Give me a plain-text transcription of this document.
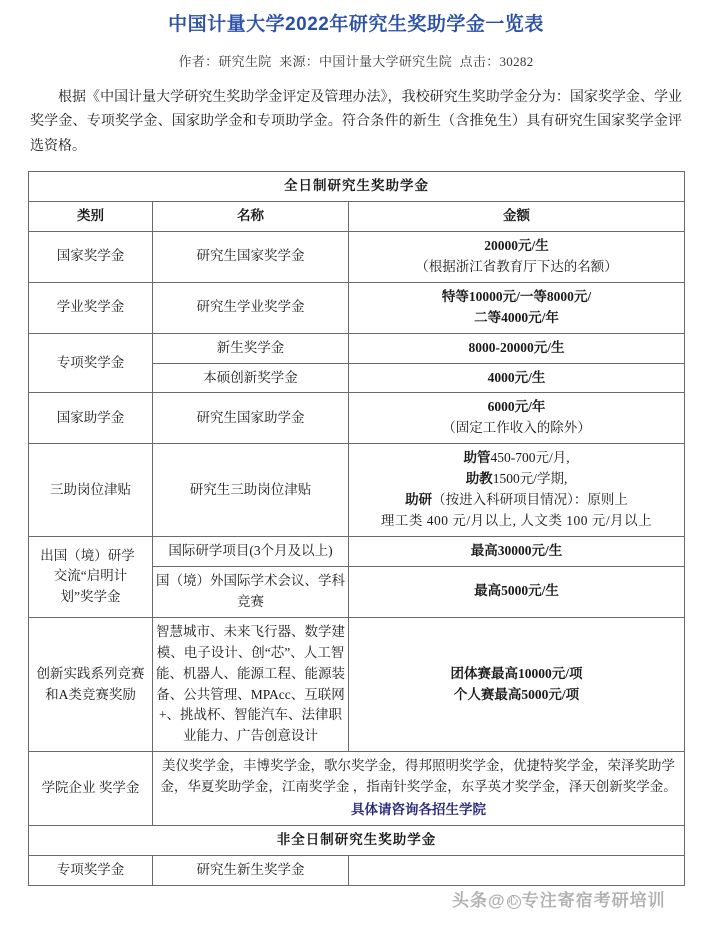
中国计量大学2022年研究生奖助学金一览表
作者：研究生院 来源：中国计量大学研究生院 点击：30282

根据《中国计量大学研究生奖助学金评定及管理办法》，我校研究生奖助学金分为：国家奖学金、学业奖学金、专项奖学金、国家助学金和专项助学金。符合条件的新生（含推免生）具有研究生国家奖学金评选资格。

全日制研究生奖助学金		
类别	名称	金额
国家奖学金	研究生国家奖学金	20000元/生
（根据浙江省教育厅下达的名额）

学业奖学金	研究生学业奖学金	特等10000元/一等8000元/
二等4000元/年

专项奖学金	新生奖学金	8000-20000元/生
	本硕创新奖学金	4000元/生
国家助学金	研究生国家助学金	6000元/年
（固定工作收入的除外）

三助岗位津贴	研究生三助岗位津贴	助管450-700元/月,
助教1500元/学期,
助研（按进入科研项目情况）：原则上
理工类 400 元/月以上, 人文类 100 元/月以上

出国（境）研学
交流“启明计
划”奖学金	国际研学项目(3个月及以上)	最高30000元/生
	国（境）外国际学术会议、学科竞赛	最高5000元/生
创新实践系列竞赛 和A类竞赛奖励	智慧城市、未来飞行器、数学建模、电子设计、创“芯”、人工智能、机器人、能源工程、能源装备、公共管理、MPAcc、互联网+、挑战杯、智能汽车、法律职业能力、广告创意设计	团体赛最高10000元/项
个人赛最高5000元/项

学院企业 奖学金	美仪奖学金，丰博奖学金，歌尔奖学金，得邦照明奖学金，优捷特奖学金，荣泽奖助学金，华夏奖助学金，江南奖学金 ，指南针奖学金，东孚英才奖学金，泽天创新奖学金。
具体请咨询各招生学院	

非全日制研究生奖助学金		
专项奖学金	研究生新生奖学金	
头条@ 心 专注寄宿考研培训
